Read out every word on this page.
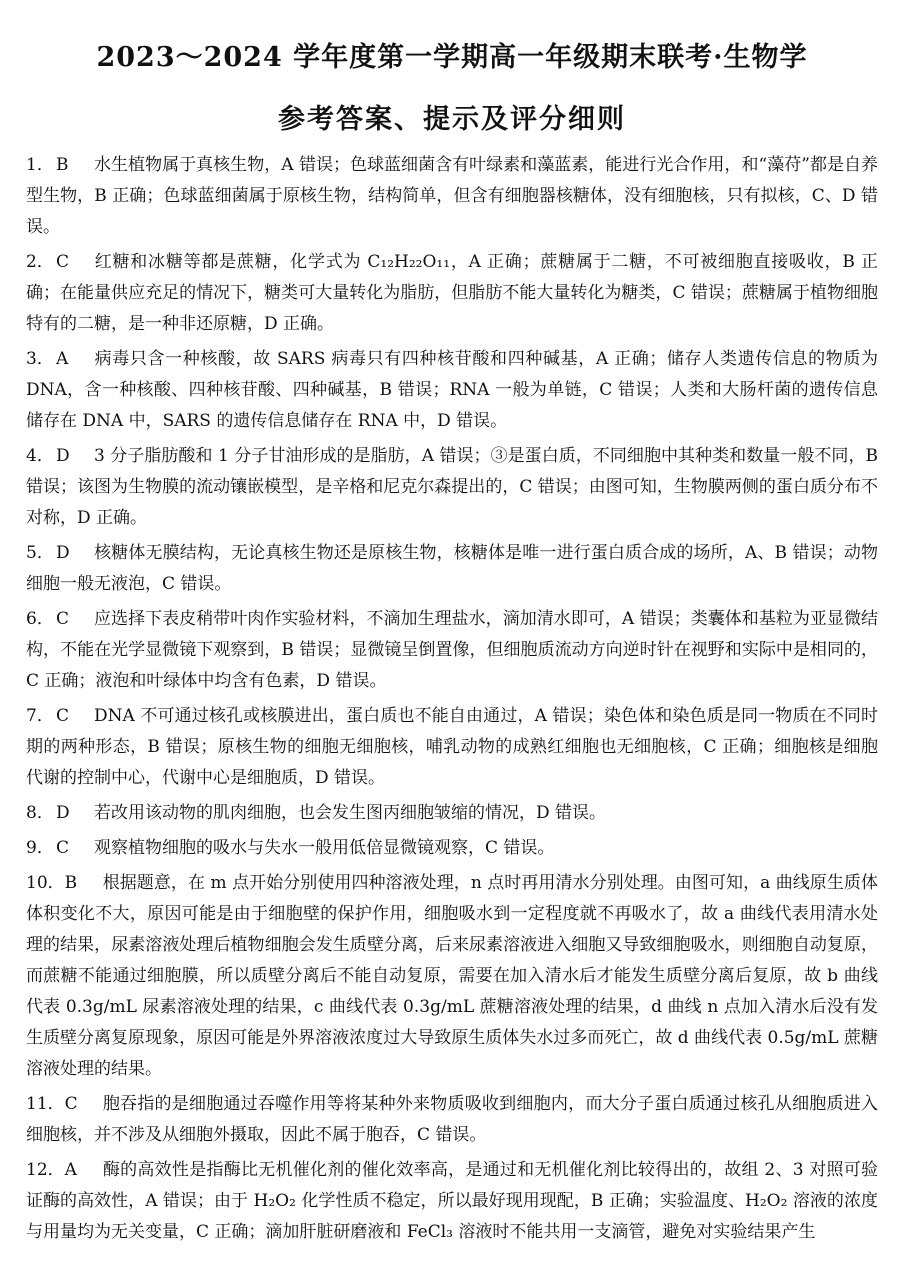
2023～2024 学年度第一学期高一年级期末联考·生物学
参考答案、提示及评分细则

1． B 水生植物属于真核生物，A 错误；色球蓝细菌含有叶绿素和藻蓝素，能进行光合作用，和“藻苻”都是自养型生物，B 正确；色球蓝细菌属于原核生物，结构简单，但含有细胞器核糖体，没有细胞核，只有拟核，C、D 错误。

2． C 红糖和冰糖等都是蔗糖，化学式为 C₁₂H₂₂O₁₁，A 正确；蔗糖属于二糖，不可被细胞直接吸收，B 正确；在能量供应充足的情况下，糖类可大量转化为脂肪，但脂肪不能大量转化为糖类，C 错误；蔗糖属于植物细胞特有的二糖，是一种非还原糖，D 正确。

3． A 病毒只含一种核酸，故 SARS 病毒只有四种核苷酸和四种碱基，A 正确；储存人类遗传信息的物质为 DNA，含一种核酸、四种核苷酸、四种碱基，B 错误；RNA 一般为单链，C 错误；人类和大肠杆菌的遗传信息储存在 DNA 中，SARS 的遗传信息储存在 RNA 中，D 错误。

4． D 3 分子脂肪酸和 1 分子甘油形成的是脂肪，A 错误；③是蛋白质，不同细胞中其种类和数量一般不同，B 错误；该图为生物膜的流动镶嵌模型，是辛格和尼克尔森提出的，C 错误；由图可知，生物膜两侧的蛋白质分布不对称，D 正确。

5． D 核糖体无膜结构，无论真核生物还是原核生物，核糖体是唯一进行蛋白质合成的场所，A、B 错误；动物细胞一般无液泡，C 错误。

6． C 应选择下表皮稍带叶肉作实验材料，不滴加生理盐水，滴加清水即可，A 错误；类囊体和基粒为亚显微结构，不能在光学显微镜下观察到，B 错误；显微镜呈倒置像，但细胞质流动方向逆时针在视野和实际中是相同的，C 正确；液泡和叶绿体中均含有色素，D 错误。

7． C DNA 不可通过核孔或核膜进出，蛋白质也不能自由通过，A 错误；染色体和染色质是同一物质在不同时期的两种形态，B 错误；原核生物的细胞无细胞核，哺乳动物的成熟红细胞也无细胞核，C 正确；细胞核是细胞代谢的控制中心，代谢中心是细胞质，D 错误。

8． D 若改用该动物的肌肉细胞，也会发生图丙细胞皱缩的情况，D 错误。

9． C 观察植物细胞的吸水与失水一般用低倍显微镜观察，C 错误。

10．B 根据题意，在 m 点开始分别使用四种溶液处理，n 点时再用清水分别处理。由图可知，a 曲线原生质体体积变化不大，原因可能是由于细胞壁的保护作用，细胞吸水到一定程度就不再吸水了，故 a 曲线代表用清水处理的结果，尿素溶液处理后植物细胞会发生质壁分离，后来尿素溶液进入细胞又导致细胞吸水，则细胞自动复原，而蔗糖不能通过细胞膜，所以质壁分离后不能自动复原，需要在加入清水后才能发生质壁分离后复原，故 b 曲线代表 0.3g/mL 尿素溶液处理的结果，c 曲线代表 0.3g/mL 蔗糖溶液处理的结果，d 曲线 n 点加入清水后没有发生质壁分离复原现象，原因可能是外界溶液浓度过大导致原生质体失水过多而死亡，故 d 曲线代表 0.5g/mL 蔗糖溶液处理的结果。

11．C 胞吞指的是细胞通过吞噬作用等将某种外来物质吸收到细胞内，而大分子蛋白质通过核孔从细胞质进入细胞核，并不涉及从细胞外摄取，因此不属于胞吞，C 错误。

12．A 酶的高效性是指酶比无机催化剂的催化效率高，是通过和无机催化剂比较得出的，故组 2、3 对照可验证酶的高效性，A 错误；由于 H₂O₂ 化学性质不稳定，所以最好现用现配，B 正确；实验温度、H₂O₂ 溶液的浓度与用量均为无关变量，C 正确；滴加肝脏研磨液和 FeCl₃ 溶液时不能共用一支滴管，避免对实验结果产生
